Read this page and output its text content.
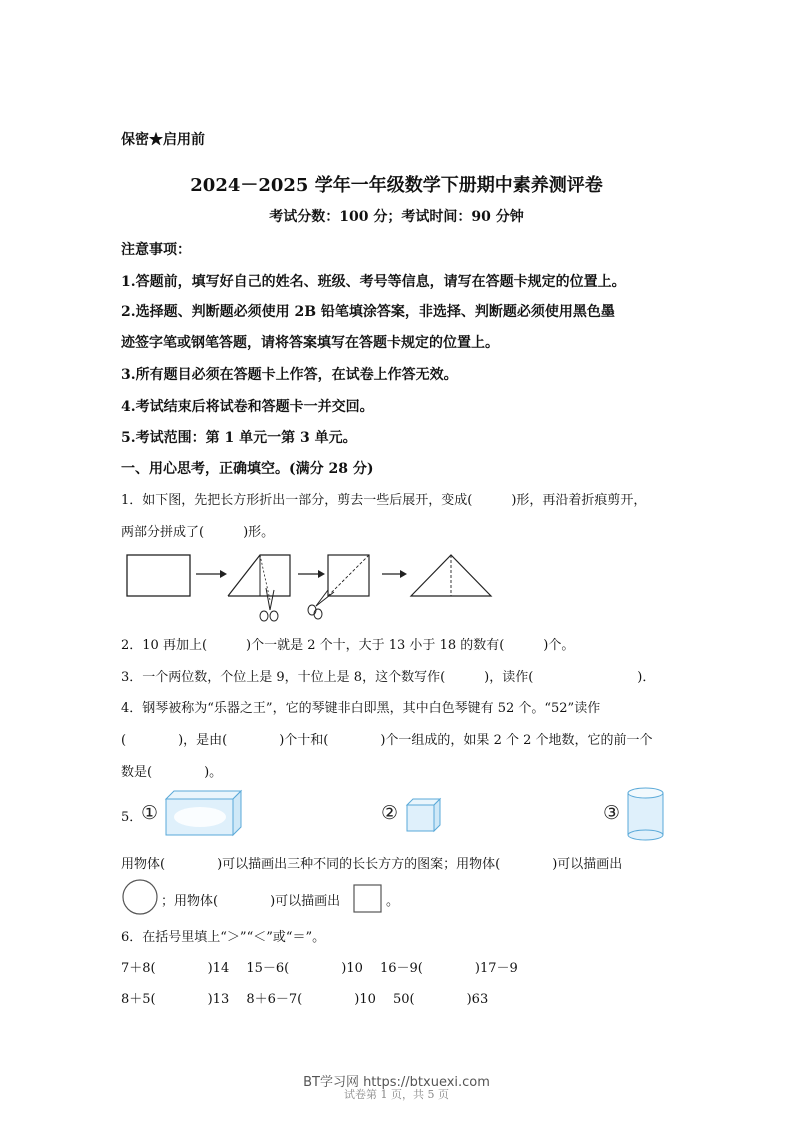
保密★启用前
2024－2025 学年一年级数学下册期中素养测评卷
考试分数：100 分；考试时间：90 分钟
注意事项：
1.答题前，填写好自己的姓名、班级、考号等信息，请写在答题卡规定的位置上。
2.选择题、判断题必须使用 2B 铅笔填涂答案，非选择、判断题必须使用黑色墨
迹签字笔或钢笔答题，请将答案填写在答题卡规定的位置上。
3.所有题目必须在答题卡上作答，在试卷上作答无效。
4.考试结束后将试卷和答题卡一并交回。
5.考试范围：第 1 单元一第 3 单元。
一、用心思考，正确填空。(满分 28 分)
1．如下图，先把长方形折出一部分，剪去一些后展开，变成(　　　)形，再沿着折痕剪开，
两部分拼成了(　　　)形。
2．10 再加上(　　　)个一就是 2 个十，大于 13 小于 18 的数有(　　　)个。
3．一个两位数，个位上是 9，十位上是 8，这个数写作(　　　)，读作(　　　　　　　　)．
4．钢琴被称为“乐器之王”，它的琴键非白即黑，其中白色琴键有 52 个。“52”读作
(　　　　)，是由(　　　　)个十和(　　　　)个一组成的，如果 2 个 2 个地数，它的前一个
数是(　　　　)。
5．
①	②	③
用物体(　　　　)可以描画出三种不同的长长方方的图案；用物体(　　　　)可以描画出
；用物体(　　　　)可以描画出	。
6．在括号里填上“＞”“＜”或“＝”。
7＋8(　　　　)14　 15－6(　　　　)10　 16－9(　　　　)17－9
8＋5(　　　　)13　 8＋6－7(　　　　)10　 50(　　　　)63
BT学习网 https://btxuexi.com
试卷第 1 页，共 5 页
